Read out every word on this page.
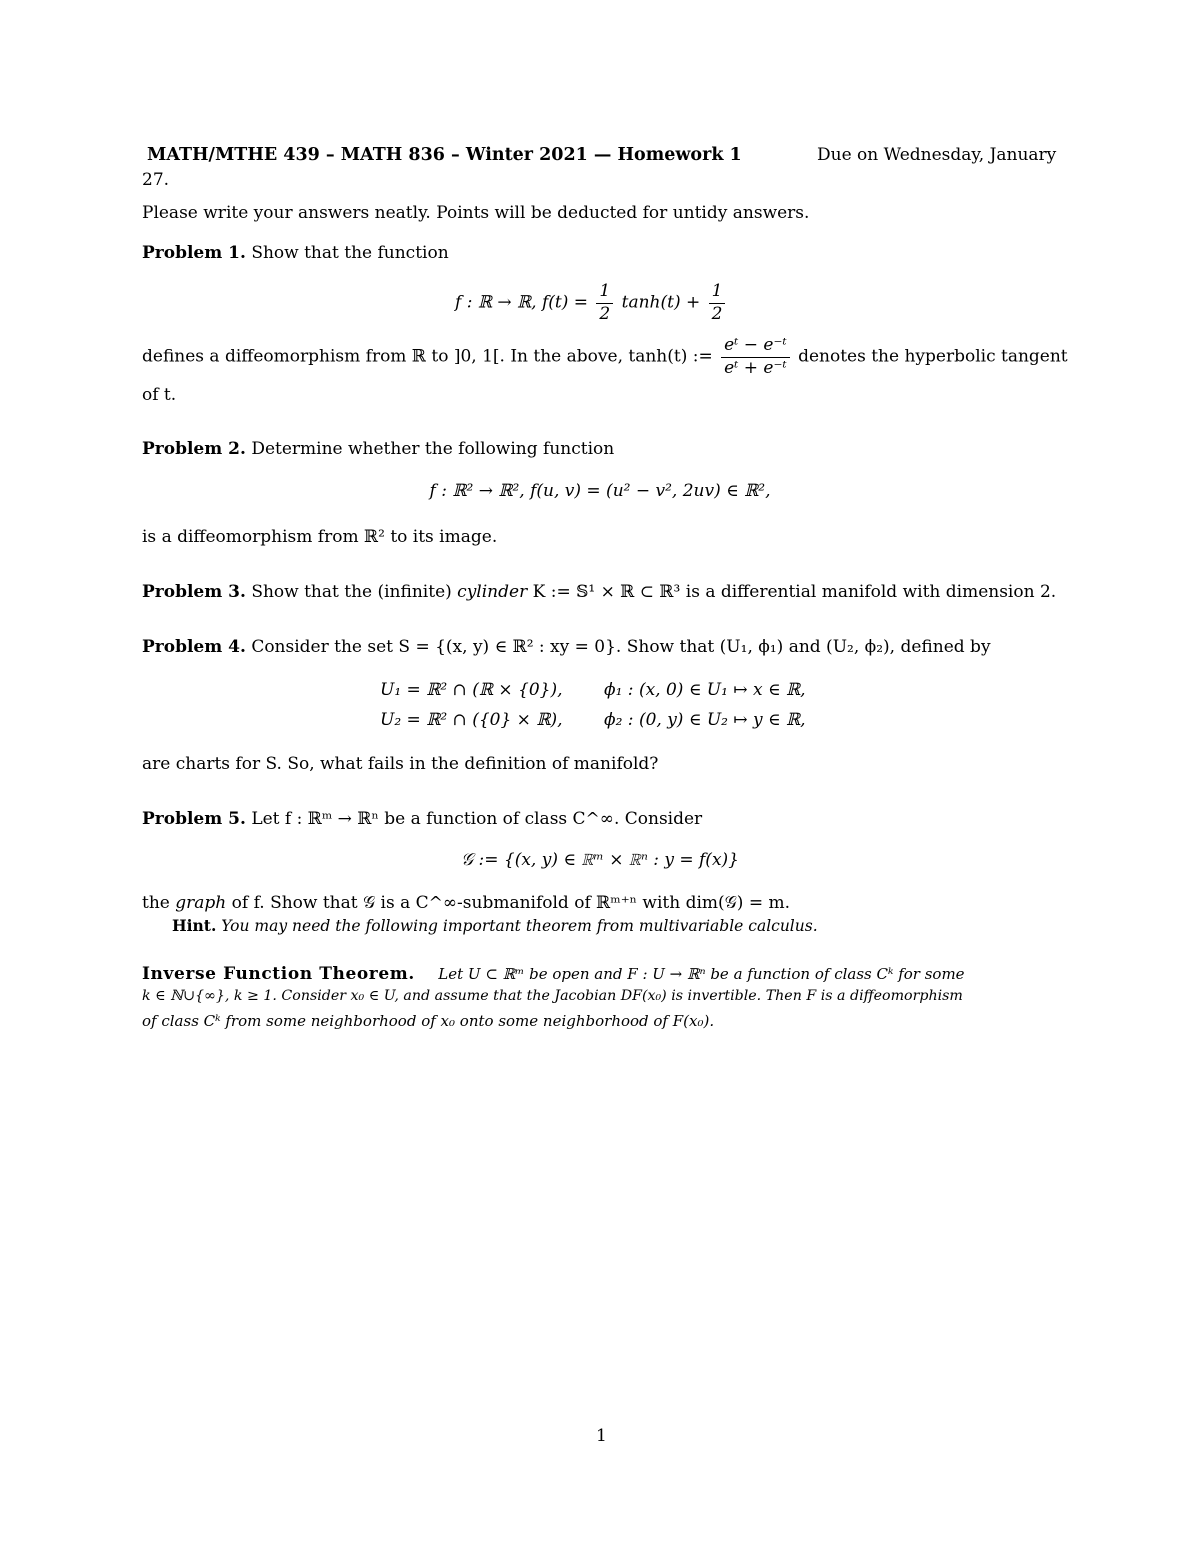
MATH/MTHE 439 – MATH 836 – Winter 2021 — Homework 1	Due on Wednesday, January
27.
Please write your answers neatly. Points will be deducted for untidy answers.
Problem 1. Show that the function
f : ℝ → ℝ, $f(t) = \frac{1}{2} \tanh(t) + \frac{1}{2}$
defines a diffeomorphism from ℝ to ]0, 1[. In the above, tanh(t) := $\frac{\text{eᵗ − e⁻ᵗ}}{\text{eᵗ + e⁻ᵗ}}$ denotes the hyperbolic tangent
of t.
Problem 2. Determine whether the following function
f : ℝ² → ℝ², f(u, v) = (u² − v², 2uv) ∈ ℝ²,
is a diffeomorphism from ℝ² to its image.
Problem 3. Show that the (infinite) cylinder K := 𝕊¹ × ℝ ⊂ ℝ³ is a differential manifold with dimension 2.
Problem 4. Consider the set S = {(x, y) ∈ ℝ² : xy = 0}. Show that (U₁, ϕ₁) and (U₂, ϕ₂), defined by
U₁ = ℝ² ∩ (ℝ × {0}), ϕ₁ : (x, 0) ∈ U₁ ↦ x ∈ ℝ,
U₂ = ℝ² ∩ ({0} × ℝ), ϕ₂ : (0, y) ∈ U₂ ↦ y ∈ ℝ,
are charts for S. So, what fails in the definition of manifold?
Problem 5. Let f : ℝᵐ → ℝⁿ be a function of class C^∞. Consider
𝒢 := {(x, y) ∈ ℝᵐ × ℝⁿ : y = f(x)}
the graph of f. Show that 𝒢 is a C^∞-submanifold of ℝᵐ⁺ⁿ with dim(𝒢) = m.
Hint. You may need the following important theorem from multivariable calculus.
Inverse Function Theorem. Let U ⊂ ℝᵐ be open and F : U → ℝⁿ be a function of class Cᵏ for some
k ∈ ℕ∪{∞}, k ≥ 1. Consider x₀ ∈ U, and assume that the Jacobian DF(x₀) is invertible. Then F is a diffeomorphism
of class Cᵏ from some neighborhood of x₀ onto some neighborhood of F(x₀).
1
